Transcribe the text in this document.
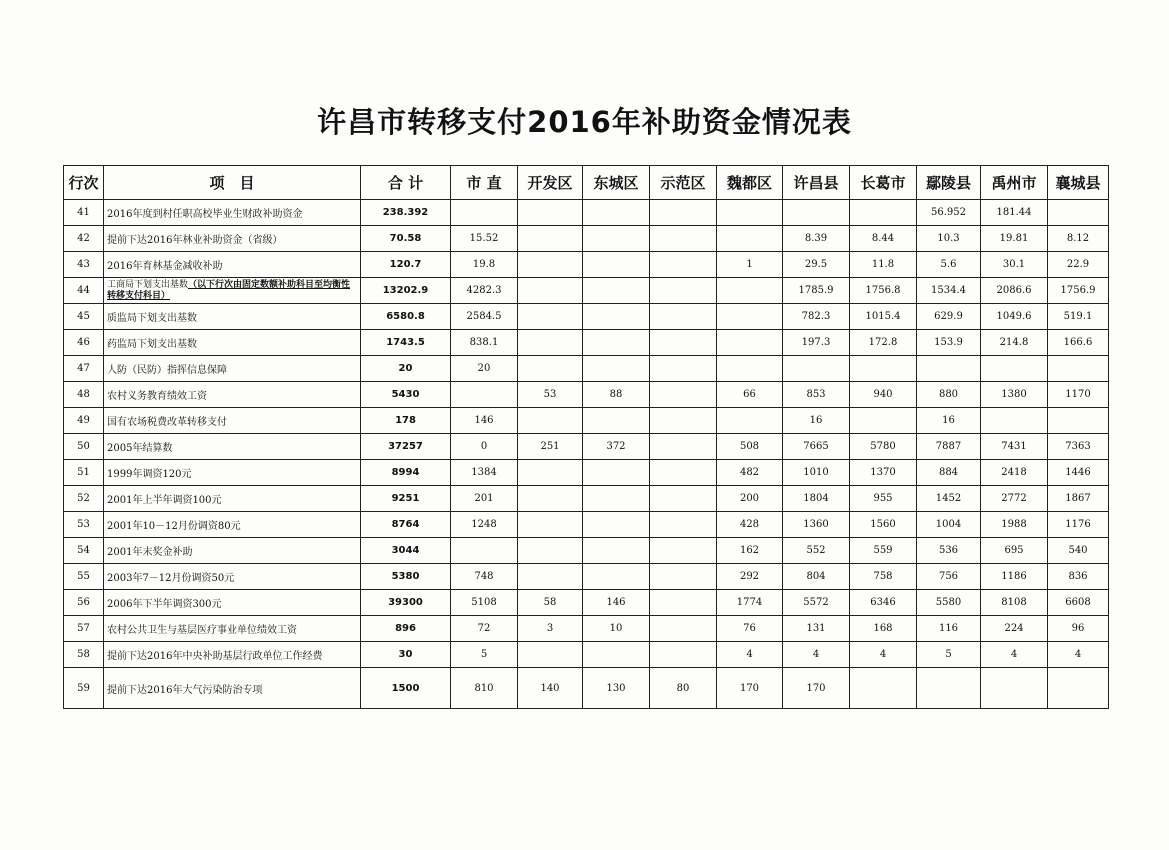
许昌市转移支付2016年补助资金情况表
行次	项　目	合 计	市 直	开发区	东城区	示范区	魏都区	许昌县	长葛市	鄢陵县	禹州市	襄城县
41	2016年度到村任职高校毕业生财政补助资金	238.392								56.952	181.44	
42	提前下达2016年林业补助资金（省级）	70.58	15.52					8.39	8.44	10.3	19.81	8.12
43	2016年育林基金减收补助	120.7	19.8				1	29.5	11.8	5.6	30.1	22.9
44	工商局下划支出基数（以下行次由固定数额补助科目至均衡性转移支付科目）	13202.9	4282.3					1785.9	1756.8	1534.4	2086.6	1756.9
45	质监局下划支出基数	6580.8	2584.5					782.3	1015.4	629.9	1049.6	519.1
46	药监局下划支出基数	1743.5	838.1					197.3	172.8	153.9	214.8	166.6
47	人防（民防）指挥信息保障	20	20									
48	农村义务教育绩效工资	5430		53	88		66	853	940	880	1380	1170
49	国有农场税费改革转移支付	178	146					16		16		
50	2005年结算数	37257	0	251	372		508	7665	5780	7887	7431	7363
51	1999年调资120元	8994	1384				482	1010	1370	884	2418	1446
52	2001年上半年调资100元	9251	201				200	1804	955	1452	2772	1867
53	2001年10－12月份调资80元	8764	1248				428	1360	1560	1004	1988	1176
54	2001年末奖金补助	3044					162	552	559	536	695	540
55	2003年7－12月份调资50元	5380	748				292	804	758	756	1186	836
56	2006年下半年调资300元	39300	5108	58	146		1774	5572	6346	5580	8108	6608
57	农村公共卫生与基层医疗事业单位绩效工资	896	72	3	10		76	131	168	116	224	96
58	提前下达2016年中央补助基层行政单位工作经费	30	5				4	4	4	5	4	4
59	提前下达2016年大气污染防治专项	1500	810	140	130	80	170	170				
